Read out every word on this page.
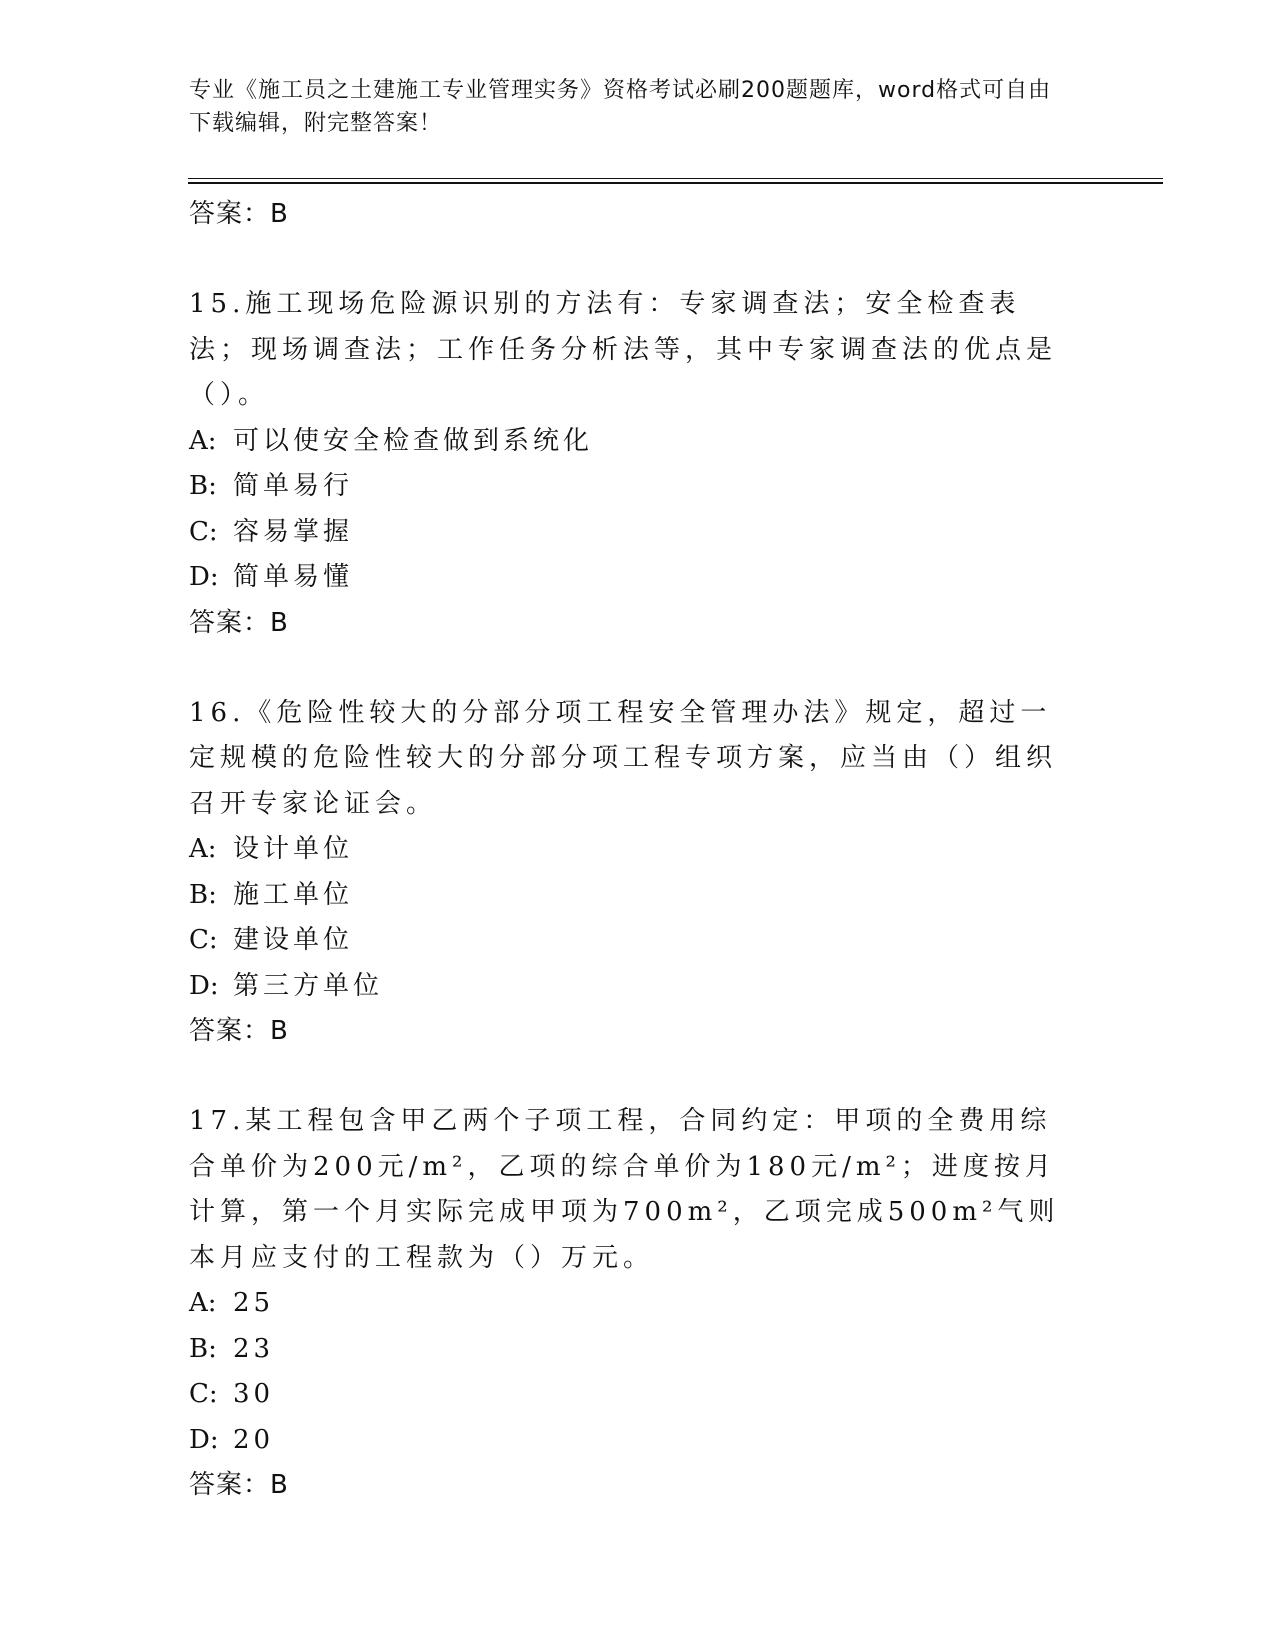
专业《施工员之土建施工专业管理实务》资格考试必刷200题题库，word格式可自由下载编辑，附完整答案！
答案：B
15.施工现场危险源识别的方法有：专家调查法；安全检查表法；现场调查法；工作任务分析法等，其中专家调查法的优点是（）。
A: 可以使安全检查做到系统化
B: 简单易行
C: 容易掌握
D: 简单易懂
答案：B
16.《危险性较大的分部分项工程安全管理办法》规定，超过一定规模的危险性较大的分部分项工程专项方案，应当由（）组织召开专家论证会。
A: 设计单位
B: 施工单位
C: 建设单位
D: 第三方单位
答案：B
17.某工程包含甲乙两个子项工程，合同约定：甲项的全费用综合单价为200元/m²，乙项的综合单价为180元/m²；进度按月计算，第一个月实际完成甲项为700m²，乙项完成500m²气则本月应支付的工程款为（）万元。
A: 25
B: 23
C: 30
D: 20
答案：B
